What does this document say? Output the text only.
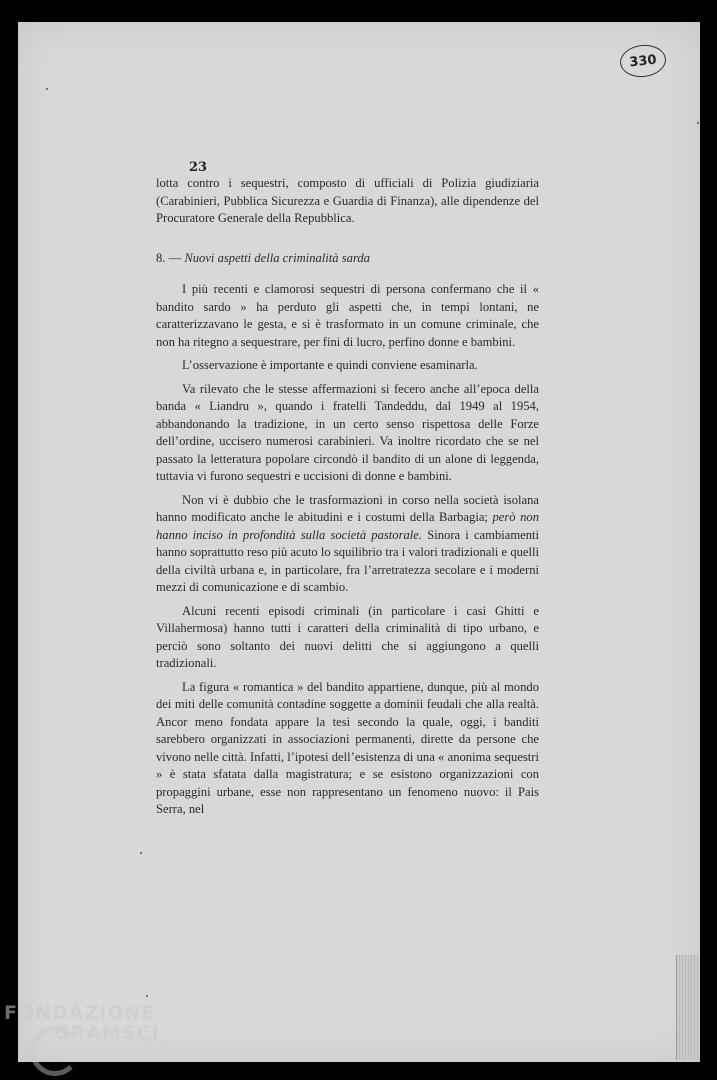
330
23

lotta contro i sequestri, composto di ufficiali di Polizia giudiziaria (Carabinieri, Pubblica Sicurezza e Guardia di Finanza), alle dipendenze del Procuratore Generale della Repubblica.

8. — Nuovi aspetti della criminalità sarda

I più recenti e clamorosi sequestri di persona confermano che il « bandito sardo » ha perduto gli aspetti che, in tempi lontani, ne caratterizzavano le gesta, e si è trasformato in un comune criminale, che non ha ritegno a sequestrare, per fini di lucro, perfino donne e bambini.

L’osservazione è importante e quindi conviene esaminarla.

Va rilevato che le stesse affermazioni si fecero anche all’epoca della banda « Liandru », quando i fratelli Tandeddu, dal 1949 al 1954, abbandonando la tradizione, in un certo senso rispettosa delle Forze dell’ordine, uccisero numerosi carabinieri. Va inoltre ricordato che se nel passato la letteratura popolare circondò il bandito di un alone di leggenda, tuttavia vi furono sequestri e uccisioni di donne e bambini.

Non vi è dubbio che le trasformazioni in corso nella società isolana hanno modificato anche le abitudini e i costumi della Barbagia; però non hanno inciso in profondità sulla società pastorale. Sinora i cambiamenti hanno soprattutto reso più acuto lo squilibrio tra i valori tradizionali e quelli della civiltà urbana e, in particolare, fra l’arretratezza secolare e i moderni mezzi di comunicazione e di scambio.

Alcuni recenti episodi criminali (in particolare i casi Ghitti e Villahermosa) hanno tutti i caratteri della criminalità di tipo urbano, e perciò sono soltanto dei nuovi delitti che si aggiungono a quelli tradizionali.

La figura « romantica » del bandito appartiene, dunque, più al mondo dei miti delle comunità contadine soggette a dominii feudali che alla realtà. Ancor meno fondata appare la tesi secondo la quale, oggi, i banditi sarebbero organizzati in associazioni permanenti, dirette da persone che vivono nelle città. Infatti, l’ipotesi dell’esistenza di una « anonima sequestri » è stata sfatata dalla magistratura; e se esistono organizzazioni con propaggini urbane, esse non rappresentano un fenomeno nuovo: il Pais Serra, nel

FONDAZIONE
GRAMSCI
onlus
